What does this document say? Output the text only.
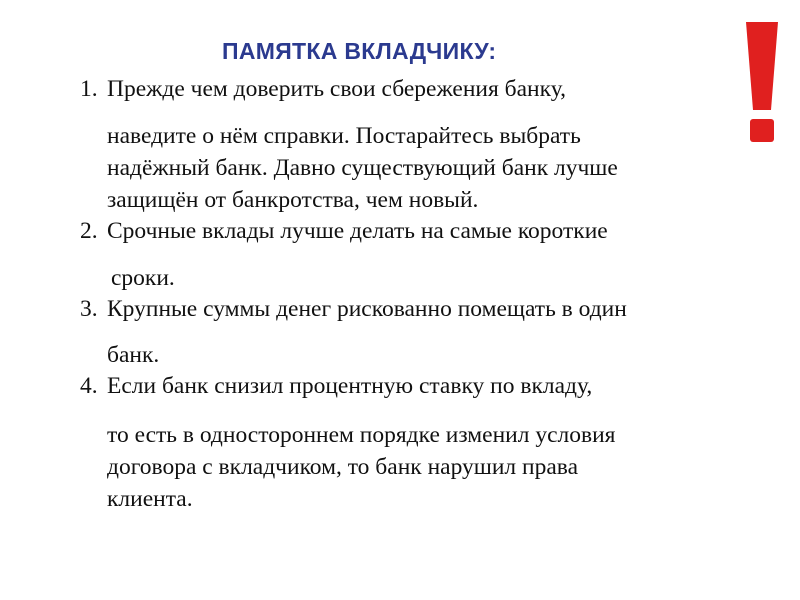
ПАМЯТКА ВКЛАДЧИКУ:
1. Прежде чем доверить свои сбережения банку,
наведите о нём справки. Постарайтесь выбрать
надёжный банк. Давно существующий банк лучше
защищён от банкротства, чем новый.
2. Срочные вклады лучше делать на самые короткие
сроки.
3. Крупные суммы денег рискованно помещать в один
банк.
4. Если банк снизил процентную ставку по вкладу,
то есть в одностороннем порядке изменил условия
договора с вкладчиком, то банк нарушил права
клиента.
